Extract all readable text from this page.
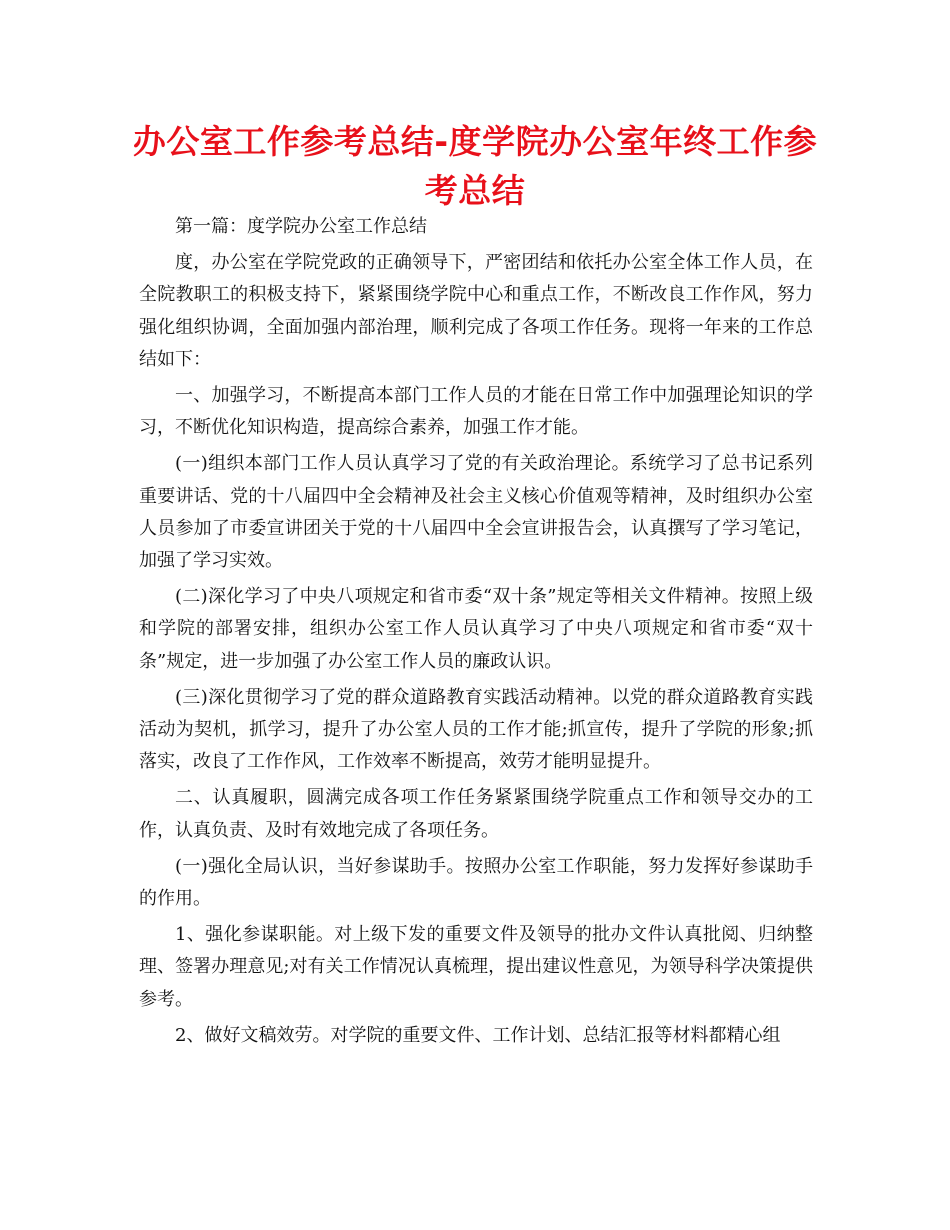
办公室工作参考总结-度学院办公室年终工作参考总结

第一篇：度学院办公室工作总结

度，办公室在学院党政的正确领导下，严密团结和依托办公室全体工作人员，在全院教职工的积极支持下，紧紧围绕学院中心和重点工作，不断改良工作作风，努力强化组织协调，全面加强内部治理，顺利完成了各项工作任务。现将一年来的工作总结如下：

一、加强学习，不断提高本部门工作人员的才能在日常工作中加强理论知识的学习，不断优化知识构造，提高综合素养，加强工作才能。

(一)组织本部门工作人员认真学习了党的有关政治理论。系统学习了总书记系列重要讲话、党的十八届四中全会精神及社会主义核心价值观等精神，及时组织办公室人员参加了市委宣讲团关于党的十八届四中全会宣讲报告会，认真撰写了学习笔记，加强了学习实效。

(二)深化学习了中央八项规定和省市委“双十条”规定等相关文件精神。按照上级和学院的部署安排，组织办公室工作人员认真学习了中央八项规定和省市委“双十条”规定，进一步加强了办公室工作人员的廉政认识。

(三)深化贯彻学习了党的群众道路教育实践活动精神。以党的群众道路教育实践活动为契机，抓学习，提升了办公室人员的工作才能;抓宣传，提升了学院的形象;抓落实，改良了工作作风，工作效率不断提高，效劳才能明显提升。

二、认真履职，圆满完成各项工作任务紧紧围绕学院重点工作和领导交办的工作，认真负责、及时有效地完成了各项任务。

(一)强化全局认识，当好参谋助手。按照办公室工作职能，努力发挥好参谋助手的作用。

1、强化参谋职能。对上级下发的重要文件及领导的批办文件认真批阅、归纳整理、签署办理意见;对有关工作情况认真梳理，提出建议性意见，为领导科学决策提供参考。

2、做好文稿效劳。对学院的重要文件、工作计划、总结汇报等材料都精心组
